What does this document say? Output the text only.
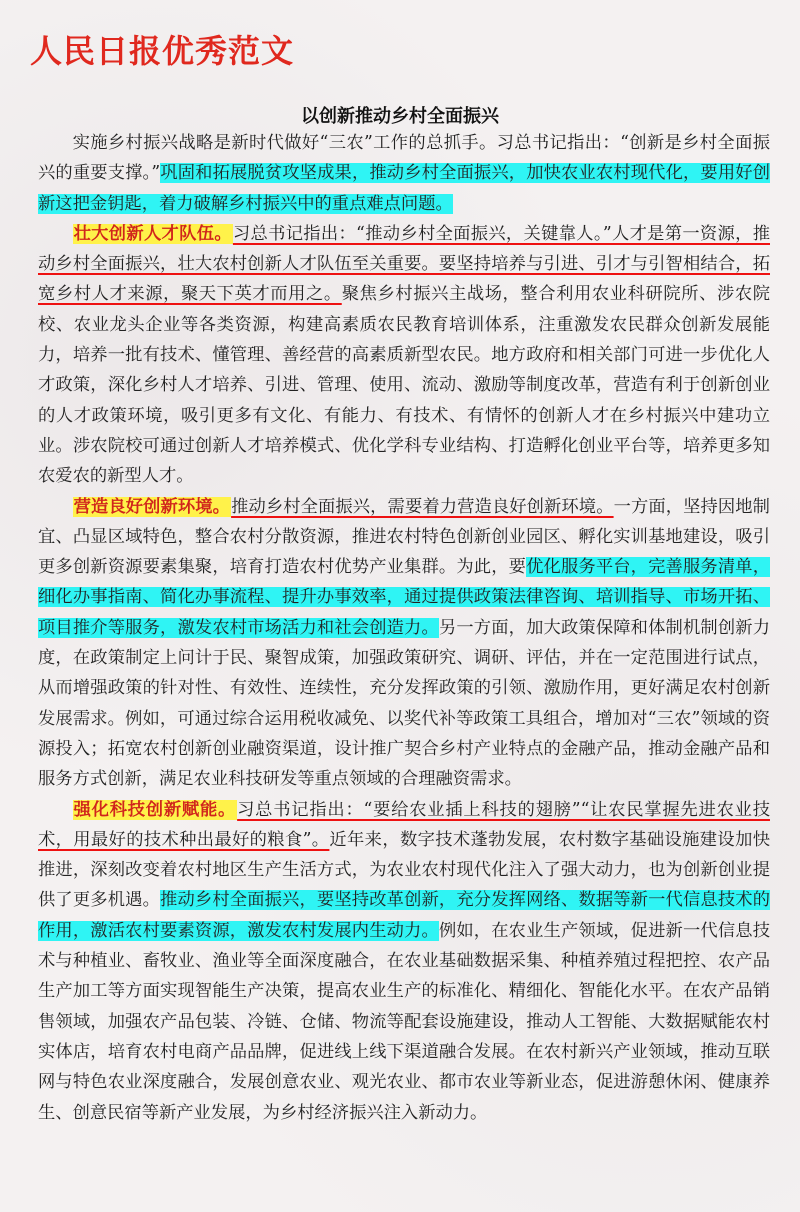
人民日报优秀范文
以创新推动乡村全面振兴

实施乡村振兴战略是新时代做好“三农”工作的总抓手。习总书记指出：“创新是乡村全面振兴的重要支撑。”巩固和拓展脱贫攻坚成果，推动乡村全面振兴，加快农业农村现代化，要用好创新这把金钥匙，着力破解乡村振兴中的重点难点问题。

壮大创新人才队伍。习总书记指出：“推动乡村全面振兴，关键靠人。”人才是第一资源，推动乡村全面振兴，壮大农村创新人才队伍至关重要。要坚持培养与引进、引才与引智相结合，拓宽乡村人才来源，聚天下英才而用之。聚焦乡村振兴主战场，整合利用农业科研院所、涉农院校、农业龙头企业等各类资源，构建高素质农民教育培训体系，注重激发农民群众创新发展能力，培养一批有技术、懂管理、善经营的高素质新型农民。地方政府和相关部门可进一步优化人才政策，深化乡村人才培养、引进、管理、使用、流动、激励等制度改革，营造有利于创新创业的人才政策环境，吸引更多有文化、有能力、有技术、有情怀的创新人才在乡村振兴中建功立业。涉农院校可通过创新人才培养模式、优化学科专业结构、打造孵化创业平台等，培养更多知农爱农的新型人才。

营造良好创新环境。推动乡村全面振兴，需要着力营造良好创新环境。一方面，坚持因地制宜、凸显区域特色，整合农村分散资源，推进农村特色创新创业园区、孵化实训基地建设，吸引更多创新资源要素集聚，培育打造农村优势产业集群。为此，要优化服务平台，完善服务清单，细化办事指南、简化办事流程、提升办事效率，通过提供政策法律咨询、培训指导、市场开拓、项目推介等服务，激发农村市场活力和社会创造力。另一方面，加大政策保障和体制机制创新力度，在政策制定上问计于民、聚智成策，加强政策研究、调研、评估，并在一定范围进行试点，从而增强政策的针对性、有效性、连续性，充分发挥政策的引领、激励作用，更好满足农村创新发展需求。例如，可通过综合运用税收减免、以奖代补等政策工具组合，增加对“三农”领域的资源投入；拓宽农村创新创业融资渠道，设计推广契合乡村产业特点的金融产品，推动金融产品和服务方式创新，满足农业科技研发等重点领域的合理融资需求。

强化科技创新赋能。习总书记指出：“要给农业插上科技的翅膀”“让农民掌握先进农业技术，用最好的技术种出最好的粮食”。近年来，数字技术蓬勃发展，农村数字基础设施建设加快推进，深刻改变着农村地区生产生活方式，为农业农村现代化注入了强大动力，也为创新创业提供了更多机遇。推动乡村全面振兴，要坚持改革创新，充分发挥网络、数据等新一代信息技术的作用，激活农村要素资源，激发农村发展内生动力。例如，在农业生产领域，促进新一代信息技术与种植业、畜牧业、渔业等全面深度融合，在农业基础数据采集、种植养殖过程把控、农产品生产加工等方面实现智能生产决策，提高农业生产的标准化、精细化、智能化水平。在农产品销售领域，加强农产品包装、冷链、仓储、物流等配套设施建设，推动人工智能、大数据赋能农村实体店，培育农村电商产品品牌，促进线上线下渠道融合发展。在农村新兴产业领域，推动互联网与特色农业深度融合，发展创意农业、观光农业、都市农业等新业态，促进游憩休闲、健康养生、创意民宿等新产业发展，为乡村经济振兴注入新动力。
